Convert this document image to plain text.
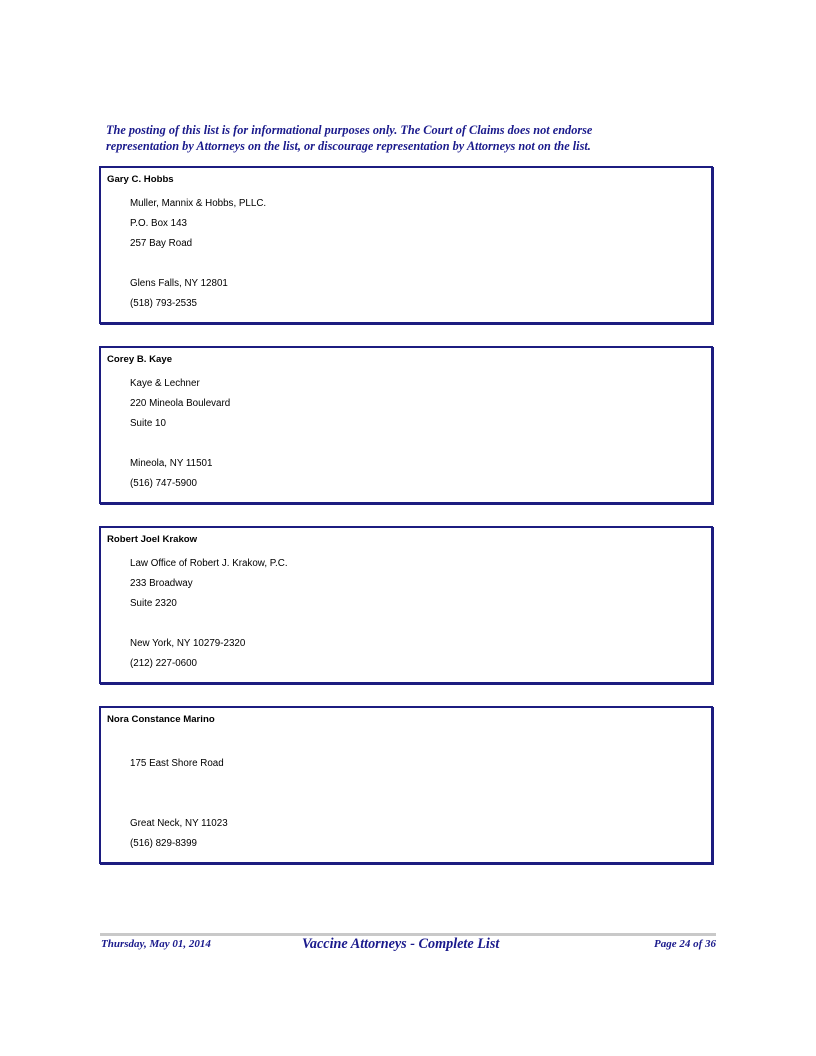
The posting of this list is for informational purposes only. The Court of Claims does not endorse
representation by Attorneys on the list, or discourage representation by Attorneys not on the list.
Gary C. Hobbs
Muller, Mannix & Hobbs, PLLC.
P.O. Box 143
257 Bay Road
Glens Falls, NY 12801
(518) 793-2535
Corey B. Kaye
Kaye & Lechner
220 Mineola Boulevard
Suite 10
Mineola, NY 11501
(516) 747-5900
Robert Joel Krakow
Law Office of Robert J. Krakow, P.C.
233 Broadway
Suite 2320
New York, NY 10279-2320
(212) 227-0600
Nora Constance Marino
175 East Shore Road
Great Neck, NY 11023
(516) 829-8399
Thursday, May 01, 2014	Vaccine Attorneys - Complete List	Page 24 of 36
